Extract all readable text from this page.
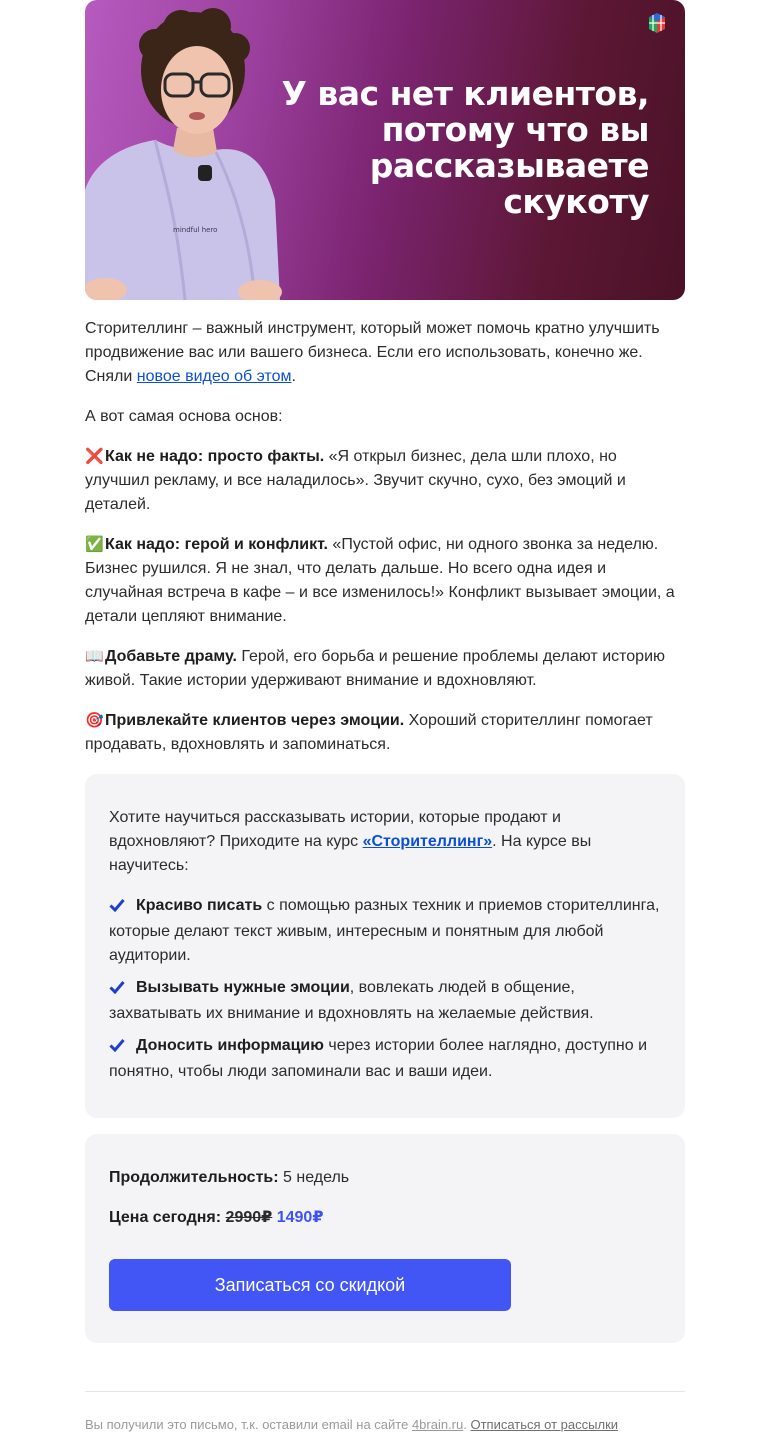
mindful hero
У вас нет клиентов,
потому что вы
рассказываете
скукоту

Сторителлинг – важный инструмент, который может помочь кратно улучшить продвижение вас или вашего бизнеса. Если его использовать, конечно же. Сняли новое видео об этом.

А вот самая основа основ:

❌Как не надо: просто факты. «Я открыл бизнес, дела шли плохо, но улучшил рекламу, и все наладилось». Звучит скучно, сухо, без эмоций и деталей.

✅Как надо: герой и конфликт. «Пустой офис, ни одного звонка за неделю. Бизнес рушился. Я не знал, что делать дальше. Но всего одна идея и случайная встреча в кафе – и все изменилось!» Конфликт вызывает эмоции, а детали цепляют внимание.

📖Добавьте драму. Герой, его борьба и решение проблемы делают историю живой. Такие истории удерживают внимание и вдохновляют.

🎯Привлекайте клиентов через эмоции. Хороший сторителлинг помогает продавать, вдохновлять и запоминаться.

Хотите научиться рассказывать истории, которые продают и вдохновляют? Приходите на курс «Сторителлинг». На курсе вы научитесь:

Красиво писать с помощью разных техник и приемов сторителлинга, которые делают текст живым, интересным и понятным для любой аудитории.
Вызывать нужные эмоции, вовлекать людей в общение, захватывать их внимание и вдохновлять на желаемые действия.
Доносить информацию через истории более наглядно, доступно и понятно, чтобы люди запоминали вас и ваши идеи.

Продолжительность: 5 недель

Цена сегодня: 2990₽ 1490₽

Записаться со скидкой

Вы получили это письмо, т.к. оставили email на сайте 4brain.ru. Отписаться от рассылки
